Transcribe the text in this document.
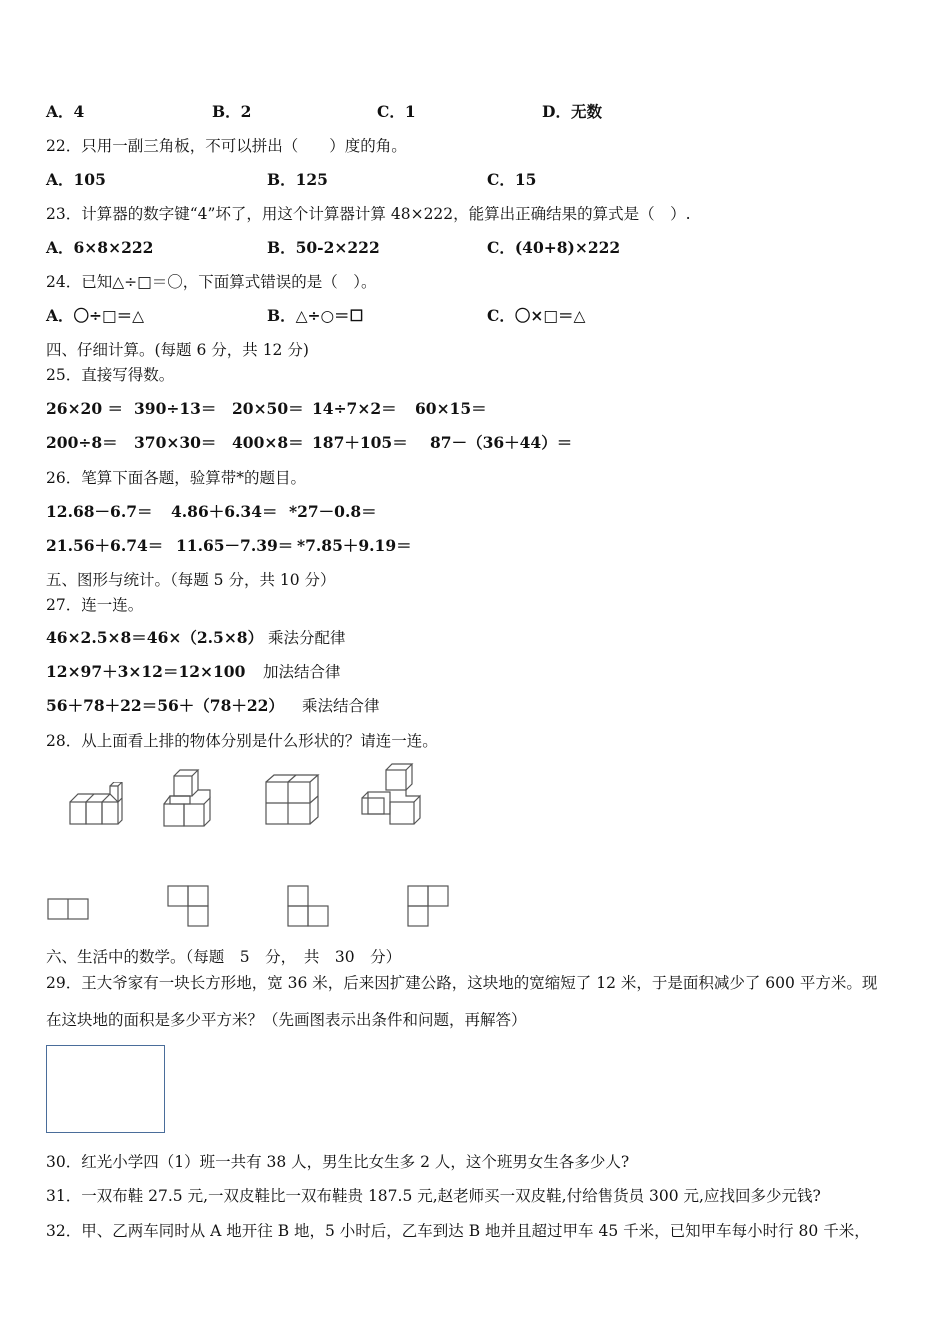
A．4	B．2	C．1	D．无数
22．只用一副三角板，不可以拼出（　　）度的角。
A．105	B．125	C．15
23．计算器的数字键“4”坏了，用这个计算器计算 48×222，能算出正确结果的算式是（　）.
A．6×8×222	B．50-2×222	C．(40+8)×222
24．已知△÷□＝〇，下面算式错误的是（　）。
A．〇÷□＝△	B．△÷○＝☐	C．〇×□＝△
四、仔细计算。(每题 6 分，共 12 分)
25．直接写得数。
26×20 ＝ 390÷13＝ 20×50＝ 14÷7×2＝ 60×15＝
200÷8＝ 370×30＝ 400×8＝ 187＋105＝ 87－（36＋44）＝
26．笔算下面各题，验算带*的题目。
12.68－6.7＝ 4.86＋6.34＝ *27－0.8＝
21.56＋6.74＝ 11.65－7.39＝ *7.85＋9.19＝
五、图形与统计。（每题 5 分，共 10 分）
27．连一连。
46×2.5×8＝46×（2.5×8） 乘法分配律
12×97＋3×12＝12×100 加法结合律
56＋78＋22＝56＋（78＋22） 乘法结合律
28．从上面看上排的物体分别是什么形状的？请连一连。
六、生活中的数学。（每题　5　分，　共　30　分）
29．王大爷家有一块长方形地，宽 36 米，后来因扩建公路，这块地的宽缩短了 12 米，于是面积减少了 600 平方米。现
在这块地的面积是多少平方米？（先画图表示出条件和问题，再解答）
30．红光小学四（1）班一共有 38 人，男生比女生多 2 人，这个班男女生各多少人?
31．一双布鞋 27.5 元,一双皮鞋比一双布鞋贵 187.5 元,赵老师买一双皮鞋,付给售货员 300 元,应找回多少元钱?
32．甲、乙两车同时从 A 地开往 B 地，5 小时后，乙车到达 B 地并且超过甲车 45 千米，已知甲车每小时行 80 千米，
